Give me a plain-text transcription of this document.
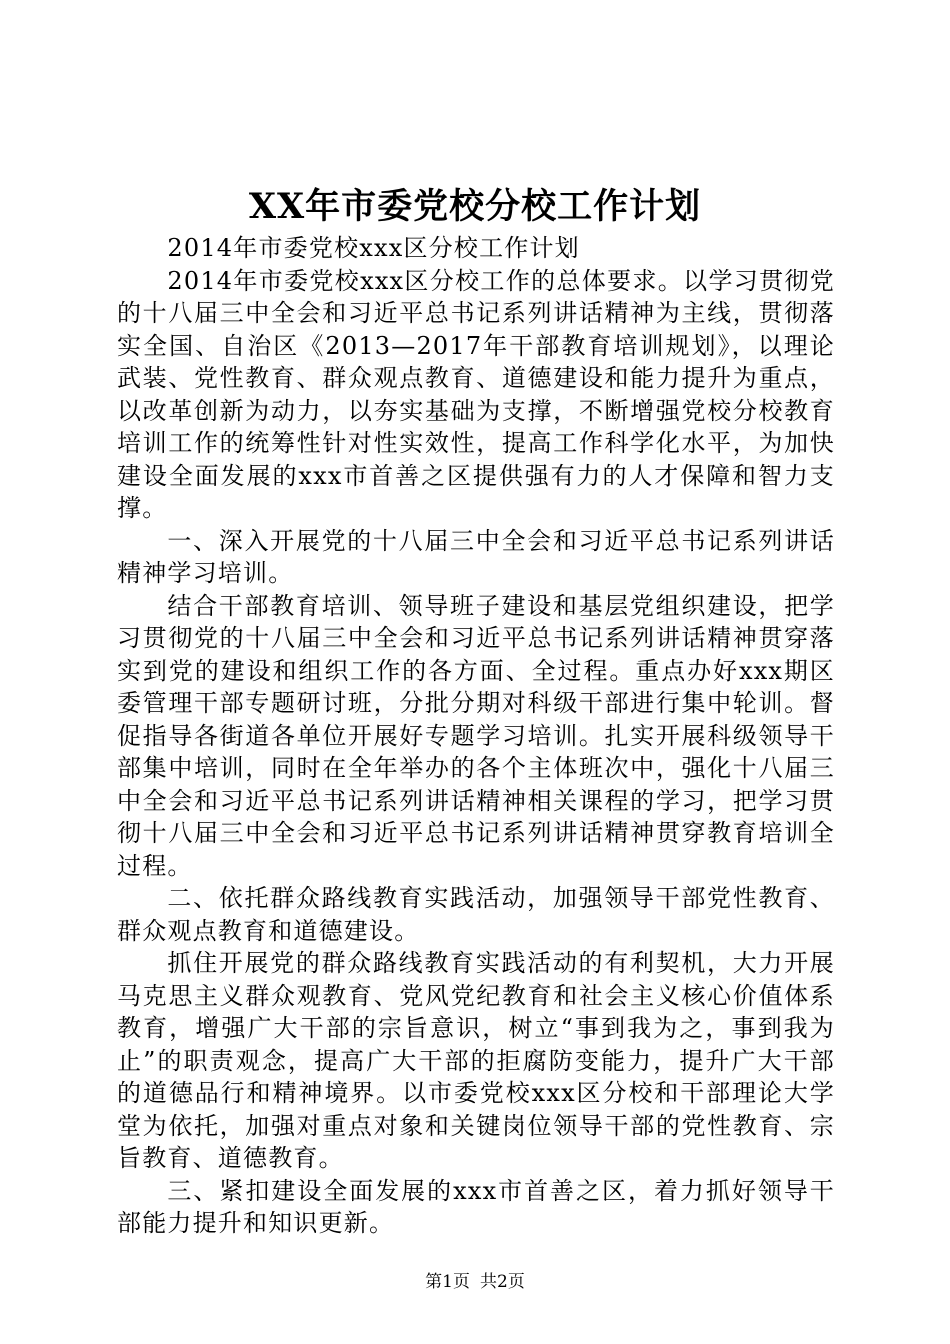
XX年市委党校分校工作计划

2014年市委党校xxx区分校工作计划

2014年市委党校xxx区分校工作的总体要求。以学习贯彻党的十八届三中全会和习近平总书记系列讲话精神为主线，贯彻落实全国、自治区《2013—2017年干部教育培训规划》，以理论武装、党性教育、群众观点教育、道德建设和能力提升为重点，以改革创新为动力，以夯实基础为支撑，不断增强党校分校教育培训工作的统筹性针对性实效性，提高工作科学化水平，为加快建设全面发展的xxx市首善之区提供强有力的人才保障和智力支撑。

一、深入开展党的十八届三中全会和习近平总书记系列讲话精神学习培训。

结合干部教育培训、领导班子建设和基层党组织建设，把学习贯彻党的十八届三中全会和习近平总书记系列讲话精神贯穿落实到党的建设和组织工作的各方面、全过程。重点办好xxx期区委管理干部专题研讨班，分批分期对科级干部进行集中轮训。督促指导各街道各单位开展好专题学习培训。扎实开展科级领导干部集中培训，同时在全年举办的各个主体班次中，强化十八届三中全会和习近平总书记系列讲话精神相关课程的学习，把学习贯彻十八届三中全会和习近平总书记系列讲话精神贯穿教育培训全过程。

二、依托群众路线教育实践活动，加强领导干部党性教育、群众观点教育和道德建设。

抓住开展党的群众路线教育实践活动的有利契机，大力开展马克思主义群众观教育、党风党纪教育和社会主义核心价值体系教育，增强广大干部的宗旨意识，树立“事到我为之，事到我为止”的职责观念，提高广大干部的拒腐防变能力，提升广大干部的道德品行和精神境界。以市委党校xxx区分校和干部理论大学堂为依托，加强对重点对象和关键岗位领导干部的党性教育、宗旨教育、道德教育。

三、紧扣建设全面发展的xxx市首善之区，着力抓好领导干部能力提升和知识更新。

第1页 共2页
